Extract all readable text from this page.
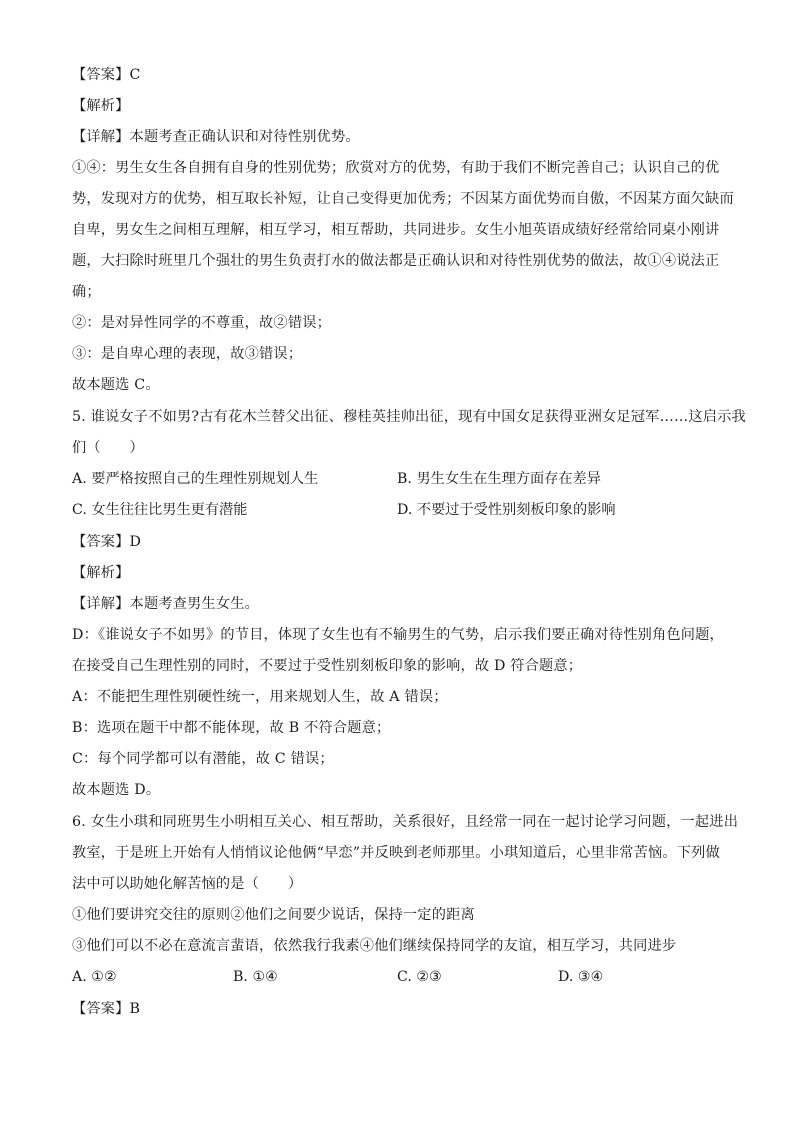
【答案】C
【解析】
【详解】本题考查正确认识和对待性别优势。
①④：男生女生各自拥有自身的性别优势；欣赏对方的优势，有助于我们不断完善自己；认识自己的优
势，发现对方的优势，相互取长补短，让自己变得更加优秀；不因某方面优势而自傲，不因某方面欠缺而
自卑，男女生之间相互理解，相互学习，相互帮助，共同进步。女生小旭英语成绩好经常给同桌小刚讲
题，大扫除时班里几个强壮的男生负责打水的做法都是正确认识和对待性别优势的做法，故①④说法正
确；
②：是对异性同学的不尊重，故②错误；
③：是自卑心理的表现，故③错误；
故本题选 C。
5. 谁说女子不如男?古有花木兰替父出征、穆桂英挂帅出征，现有中国女足获得亚洲女足冠军……这启示我
们（　　）
A. 要严格按照自己的生理性别规划人生	B. 男生女生在生理方面存在差异
C. 女生往往比男生更有潜能	D. 不要过于受性别刻板印象的影响
【答案】D
【解析】
【详解】本题考查男生女生。
D：《谁说女子不如男》的节目，体现了女生也有不输男生的气势，启示我们要正确对待性别角色问题，
在接受自己生理性别的同时，不要过于受性别刻板印象的影响，故 D 符合题意；
A：不能把生理性别硬性统一，用来规划人生，故 A 错误；
B：选项在题干中都不能体现，故 B 不符合题意；
C：每个同学都可以有潜能，故 C 错误；
故本题选 D。
6. 女生小琪和同班男生小明相互关心、相互帮助，关系很好，且经常一同在一起讨论学习问题，一起进出
教室，于是班上开始有人悄悄议论他俩“早恋”并反映到老师那里。小琪知道后，心里非常苦恼。下列做
法中可以助她化解苦恼的是（　　）
①他们要讲究交往的原则②他们之间要少说话，保持一定的距离
③他们可以不必在意流言蜚语，依然我行我素④他们继续保持同学的友谊，相互学习，共同进步
A. ①②	B. ①④	C. ②③	D. ③④
【答案】B
